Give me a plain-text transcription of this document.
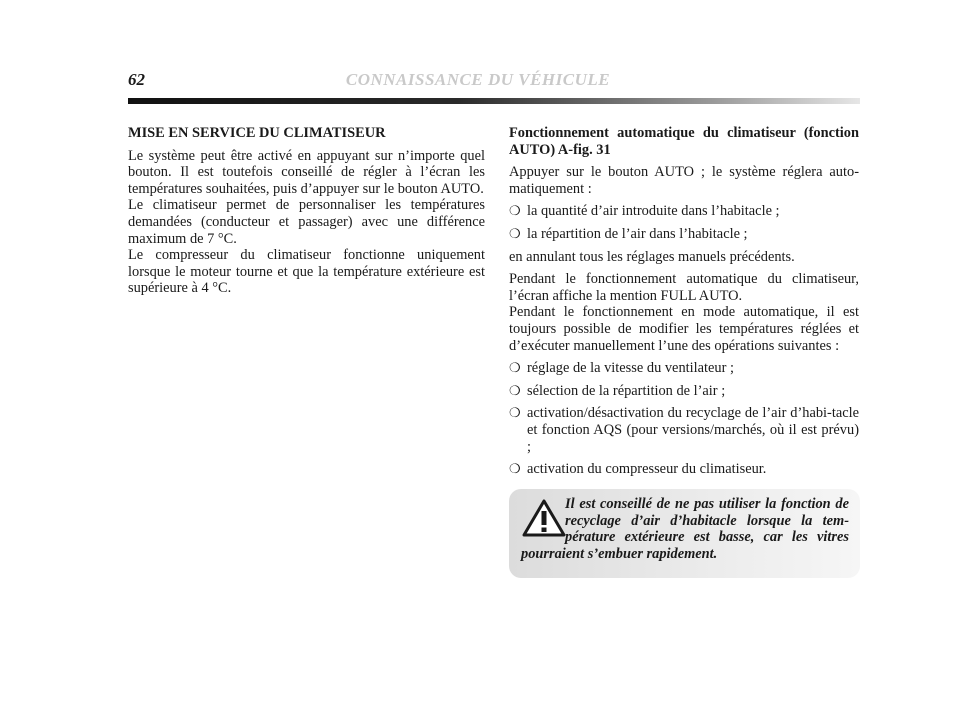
62	CONNAISSANCE DU VÉHICULE

MISE EN SERVICE DU CLIMATISEUR

Le système peut être activé en appuyant sur n’importe quel bouton. Il est toutefois conseillé de régler à l’écran les températures souhaitées, puis d’appuyer sur le bouton AUTO.

Le climatiseur permet de personnaliser les températures demandées (conducteur et passager) avec une différence maximum de 7 °C.

Le compresseur du climatiseur fonctionne uniquement lorsque le moteur tourne et que la température extérieure est supérieure à 4 °C.

Fonctionnement automatique du climatiseur (fonction AUTO) A-fig. 31

Appuyer sur le bouton AUTO ; le système réglera auto-matiquement :

❍ la quantité d’air introduite dans l’habitacle ;
❍ la répartition de l’air dans l’habitacle ;

en annulant tous les réglages manuels précédents.

Pendant le fonctionnement automatique du climatiseur, l’écran affiche la mention FULL AUTO.

Pendant le fonctionnement en mode automatique, il est toujours possible de modifier les températures réglées et d’exécuter manuellement l’une des opérations suivantes :

❍ réglage de la vitesse du ventilateur ;
❍ sélection de la répartition de l’air ;
❍ activation/désactivation du recyclage de l’air d’habi-tacle et fonction AQS (pour versions/marchés, où il est prévu) ;
❍ activation du compresseur du climatiseur.
Il est conseillé de ne pas utiliser la fonction de recyclage d’air d’habitacle lorsque la tem-pérature extérieure est basse, car les vitres pourraient s’embuer rapidement.
